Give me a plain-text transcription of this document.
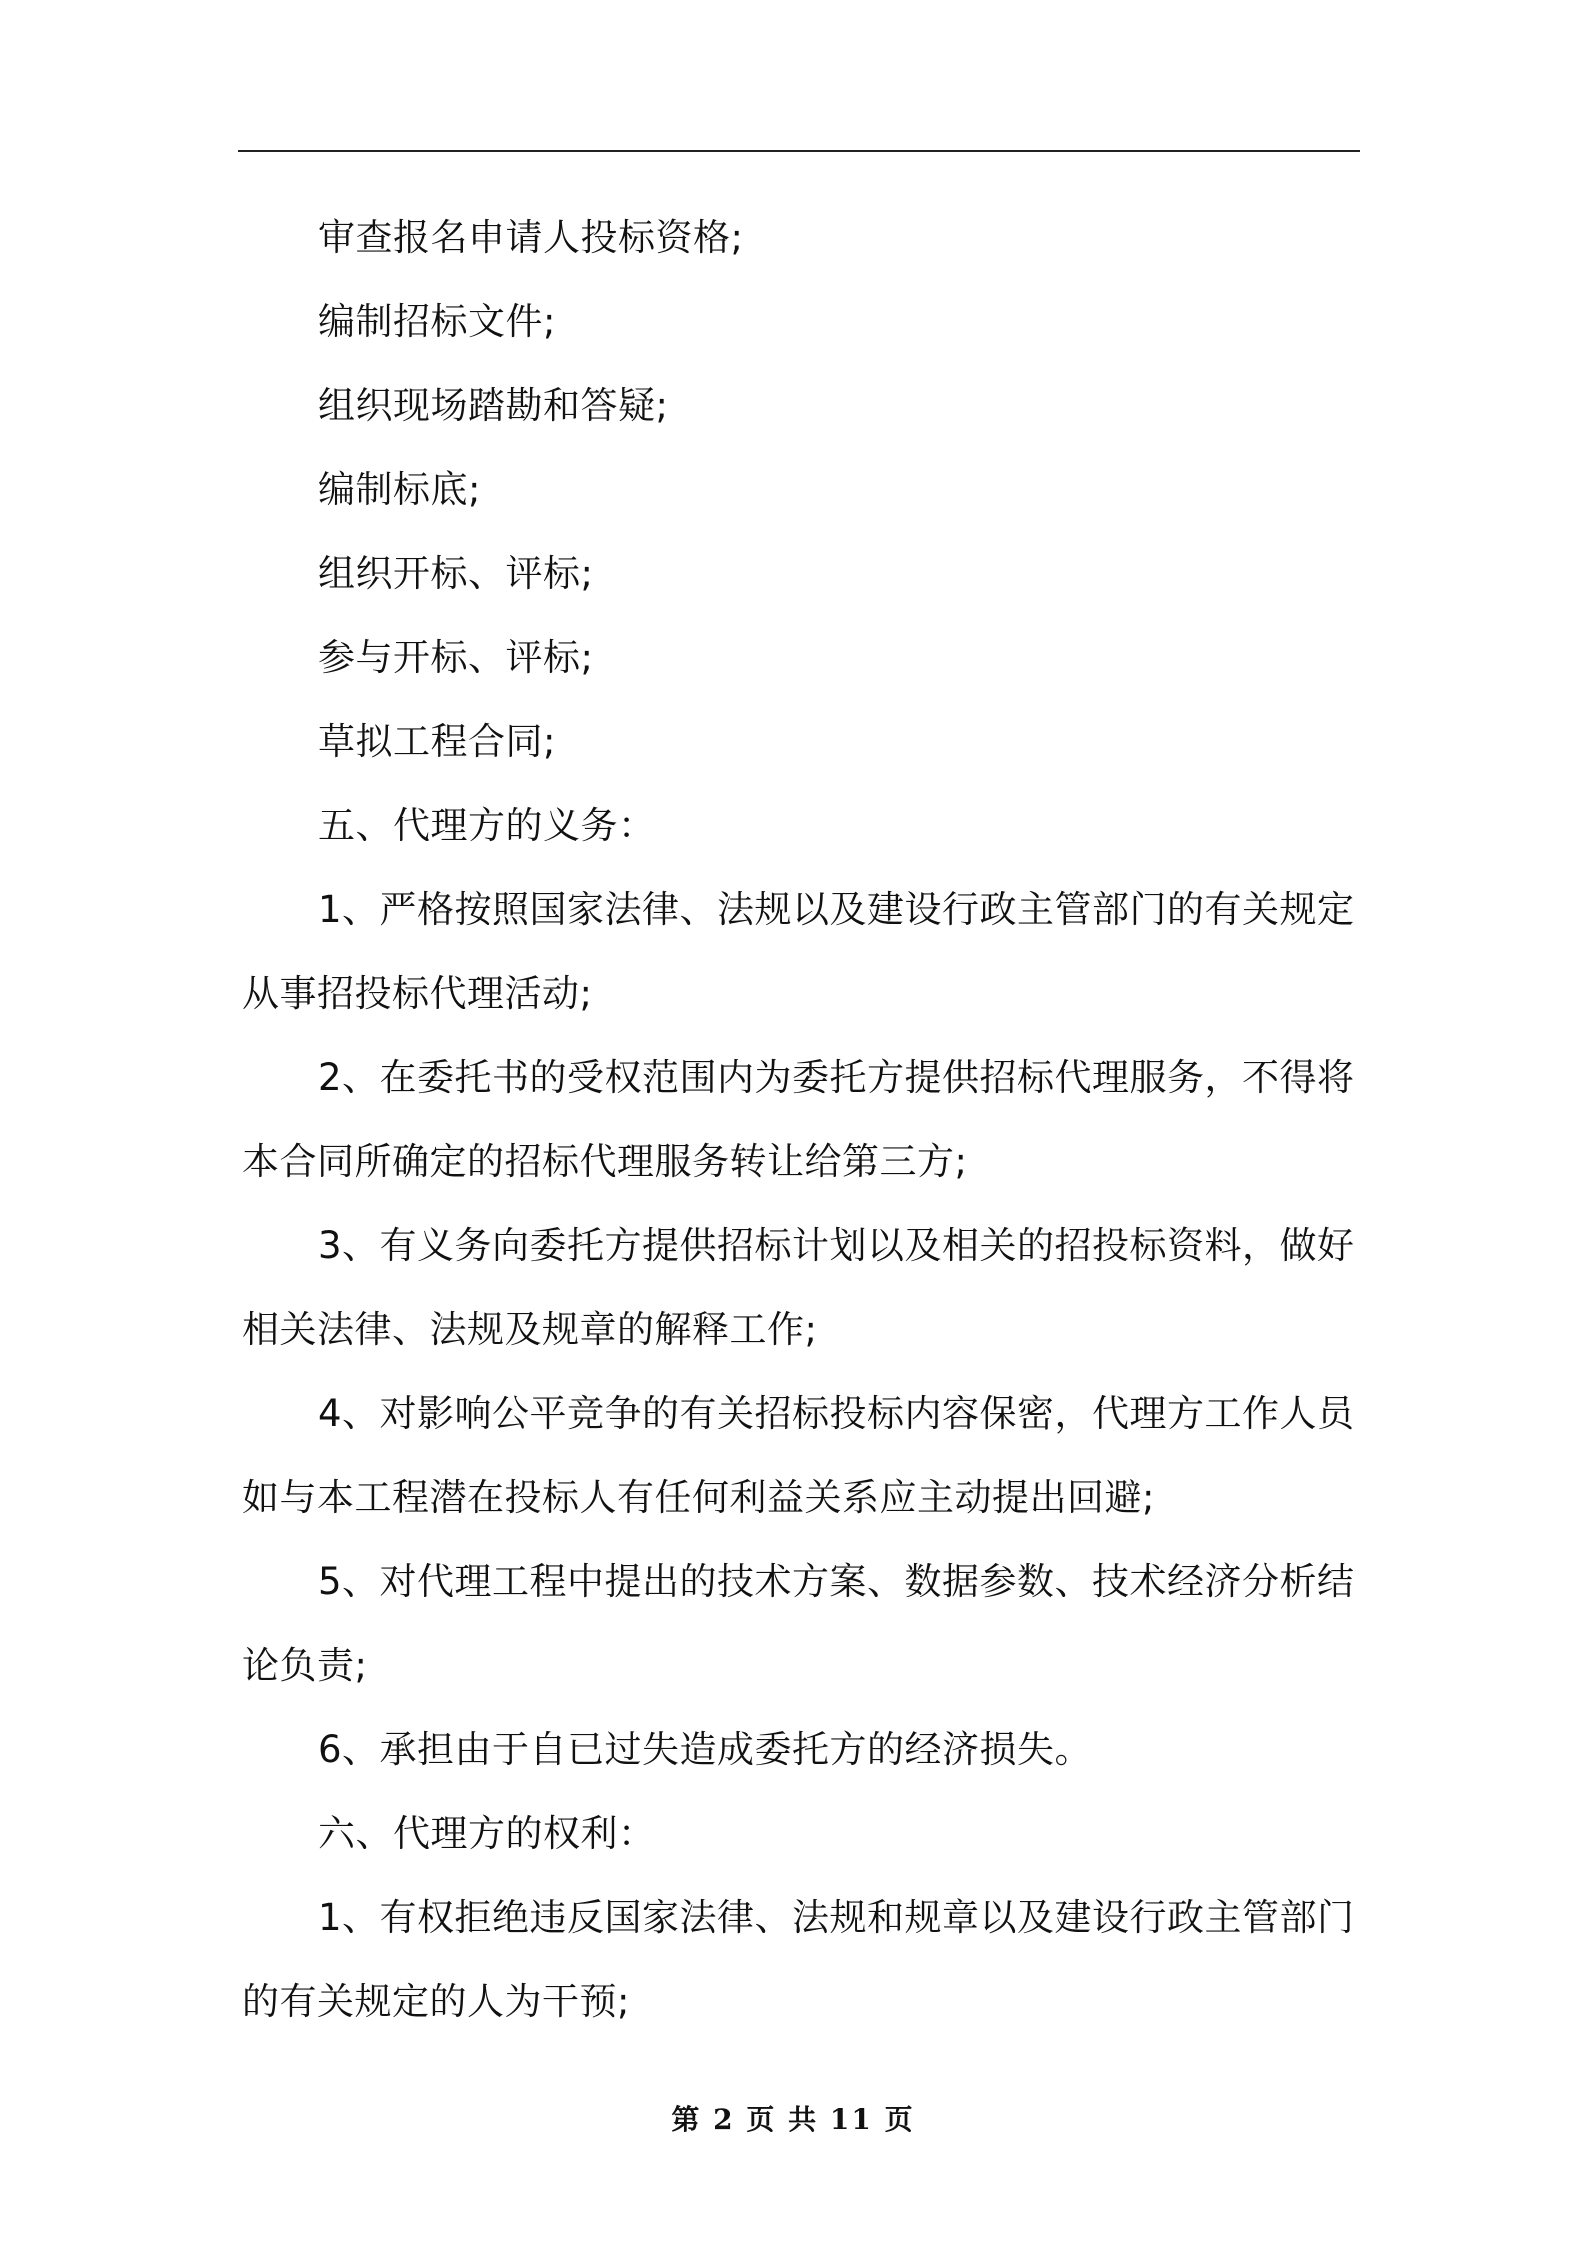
审查报名申请人投标资格;

编制招标文件;

组织现场踏勘和答疑;

编制标底;

组织开标、评标;

参与开标、评标;

草拟工程合同;

五、代理方的义务：

1、严格按照国家法律、法规以及建设行政主管部门的有关规定从事招投标代理活动;

2、在委托书的受权范围内为委托方提供招标代理服务，不得将本合同所确定的招标代理服务转让给第三方;

3、有义务向委托方提供招标计划以及相关的招投标资料，做好相关法律、法规及规章的解释工作;

4、对影响公平竞争的有关招标投标内容保密，代理方工作人员如与本工程潜在投标人有任何利益关系应主动提出回避;

5、对代理工程中提出的技术方案、数据参数、技术经济分析结论负责;

6、承担由于自已过失造成委托方的经济损失。

六、代理方的权利：

1、有权拒绝违反国家法律、法规和规章以及建设行政主管部门的有关规定的人为干预;

第 2 页 共 11 页
